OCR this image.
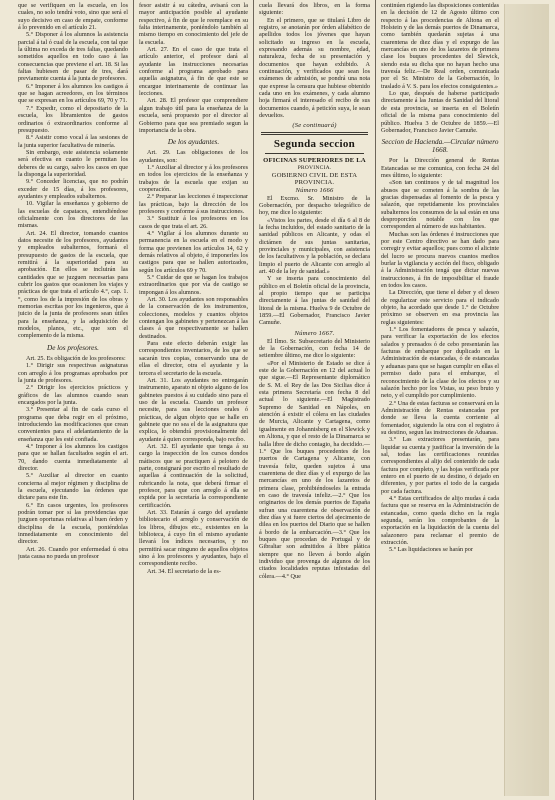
que se verifiquen en la escuela, en los cuales, no solo tendrá voto, sino que será el suyo decisivo en caso de empate, conforme á lo prevenido en el artículo 21.

5.° Disponer á los alumnos la asistencia parcial á tal ó cual de la escuela, con tal que la última no exceda de tres faltas, quedando sometidos aquellos en todo caso á las consecuencias que previene el art. 18. Si las faltas hubiesen de pasar de tres, dará previamente cuenta á la junta de profesores.

6.° Imponer á los alumnos los castigos á que se hagan acreedores, en los términos que se expresan en los artículos 69, 70 y 71.

7.° Expedir, como el depositario de la escuela, los libramientos de gastos ordinarios ó extraordinarios conforme al presupuesto.

8.° Asistir como vocal á las sesiones de la junta superior facultativa de minería.

Sin embargo, este asistencia solamente será efectiva en cuanto le permitan los deberes de su cargo, salvo los casos en que la disponga la superioridad.

9.° Conceder licencias, que no podrán exceder de 15 días, á los profesores, ayudantes y empleados subalternos.

10. Vigilar la enseñanza y gobierno de las escuelas de capataces, entendiéndose oficialmente con los directores de las mismas.

Art. 24. El director, tomando cuantos datos necesite de los profesores, ayudantes y empleados subalternos, formará el presupuesto de gastos de la escuela, que remitirá á la superioridad para su aprobación. En ellos se incluirán las cantidades que se juzguen necesarias para cubrir los gastos que ocasionen los viajes y prácticas de que trata el artículo 4.°, cap. 1.°, como los de la impresión de los obras y memorias escritas por los ingenieros, que á juicio de la junta de profesores sean útiles para la enseñanza, y la adquisición de modelos, planos, etc., que son el complemento de la misma.

De los profesores.

Art. 25. Es obligación de los profesores:

1.° Dirigir sus respectivas asignaturas con arreglo á los programas aprobados por la junta de profesores.

2.° Dirigir los ejercicios prácticos y gráficos de las alumnos cuando sean encargados por la junta.

3.° Presentar al fin de cada curso el programa que deba regir en el próximo, introduciendo las modificaciones que crean convenientes para el adelantamiento de la enseñanza que les esté confiada.

4.° Imponer á los alumnos los castigos para que se hallan facultados según el art. 70, dando cuenta inmediatamente al director.

5.° Auxiliar al director en cuanto concierna al mejor régimen y disciplina de la escuela, ejecutando las órdenes que dictare para este fin.

6.° En casos urgentes, los profesores podrán tomar por sí las providencias que juzguen oportunas relativas al buen órden y disciplina de la escuela, poniéndolas inmediatamente en conocimiento del director.

Art. 26. Cuando por enfermedad ú otra justa causa no pueda un profesor

fesor asistir á su cátedra, avisará con la mayor anticipación posible al ayudante respectivo, á fin de que le reemplace en su falta interinamente, poniéndolo también al mismo tiempo en conocimiento del jefe de la escuela.

Art. 27. En el caso de que trata el artículo anterior, el profesor dará al ayudante las instrucciones necesarias conforme al programa aprobado para aquella asignatura, á fin de que este se encargue interinamente de continuar las lecciones.

Art. 28. El profesor que comprendiere algun trabajo útil para la enseñanza de la escuela, será propuesto por el director al Gobierno para que sea premiado segun la importancia de la obra.

De los ayudantes.

Art. 29. Las obligaciones de los ayudantes, son:

1.° Auxiliar al director y á los profesores en todos los ejercicios de la enseñanza y trabajos de la escuela que exijan su cooperación.

2.° Preparar las lecciones é inspeccionar las prácticas, bajo la dirección de los profesores y conforme á sus instrucciones.

3.° Sustituir á los profesores en los casos de que trata el art. 26.

4.° Vigilar á los alumnos durante su permanencia en la escuela en el modo y forma que previenen los artículos 14, 62 y demás relativos al objeto, é imponerles los castigos para que se hallen autorizados, según los artículos 69 y 70.

5.° Cuidar de que se hagan los trabajos extraordinarios que por vía de castigo se impongan á los alumnos.

Art. 30. Los ayudantes son responsables de la conservación de los instrumentos, colecciones, modelos y cuantos objetos contengan los gabinetes y pertenezcan á las clases á que respectivamente se hallen destinados.

Para este efecto deberán exigir las correspondientes inventarios, de los que se sacarán tres copias, conservando una de ellas el director, otra el ayudante y la tercera el secretario de la escuela.

Art. 31. Los ayudantes no entregarán instrumento, aparato ni objeto alguno de los gabinetes puestos á su cuidado sino para el uso de la escuela. Cuando un profesor necesite, para sus lecciones orales ó prácticas, de algun objeto que se halle en gabinete que no sea el de la asignatura que explica, lo obtendrá provisionalmente del ayudante á quien corresponda, bajo recibo.

Art. 32. El ayudante que tenga á su cargo la inspección de los cursos dondos mátiscos que se practiquen á pelotero de parte, consignará por escrito el resultado de aquellas á continuación de la solicitud, rubricando la nota, que deberá firmar el profesor, para que con arreglo á ella se expida por la secretaría la correspondiente certificación.

Art. 33. Estarán á cargo del ayudante bibliotecario el arreglo y conservación de los libros, dibujos etc., existentes en la biblioteca, á cuyo fin el mismo ayudante llevará los índices necesarios, y no permitirá sacar ninguno de aquellos objetos sino á los profesores y ayudantes, bajo el correspondiente recibo.

Art. 34. El secretario de la es-

cuela llevará dos libros, en la forma siguiente:

En el primero, que se titulará Libro de registro, se anotarán por órden alfabético de apellidos todos los jóvenes que hayan solicitado su ingreso en la escuela, expresando además su nombre, edad, naturaleza, fecha de su presentación y documentos que hayan exhibido. A continuación, y verificados que sean los exámenes de admisión, se pondrá una nota que exprese la censura que hubiese obtenido cada uno en los exámenes, y cada alumno hoja firmará el interesado el recibo de sus documentos cuando, á petición suya, le sean devueltos.

(Se continuará)
Segunda seccion
OFICINAS SUPERIORES DE LA
PROVINCIA.
GOBIERNO CIVIL DE ESTA PROVINCIA.
Número 1666

El Excmo. Sr. Ministro de la Gobernación, por despacho telegráfico de hoy, me dice lo siguiente:

«Vistos los partes, desde el día 6 al 8 de la fecha incluidos, del estado sanitario de la sanidad públicos en Alicante, y odas el dictámen de sus juntas sanitarias, provinciales y municipales, con asistencia de los facultativos y la población, se declara limpio el puerto de Alicante con arreglo al art. 40 de la ley de sanidad.»

Y se inserta para conocimiento del público en el Boletín oficial de la provincia, al propio tiempo que se participa directamente á las juntas de sanidad del litoral de la misma. Huelva 9 de Octubre de 1859.—El Gobernador, Francisco Javier Camuñe.

Número 1667.

El Ilmo. Sr. Subsecretario del Ministerio de la Gobernación, con fecha 14 de setiembre último, me dice lo siguiente:

«Por el Ministerio de Estado se dice á este de la Gobernación en 12 del actual lo que sigue.—El Representante diplomático de S. M. el Rey de las Dos Sicilias dice á esta primera Secretaría con fecha 8 del actual lo siguiente.—El Magistrado Supremo de Sanidad en Nápoles, en atención á existir el cólera en las ciudades de Murcia, Alicante y Cartagena, como igualmente en Johannisberg en el Slewick y en Altona, y que el resto de la Dinamarca se halla libre de dicho contagio, ha decidido.—1.° Que los buques procedentes de los puertos de Cartagena y Alicante, con travesía feliz, queden sujetos á una cuarentena de diez días y el expurgo de las mercancías en uno de los lazaretos de primera clase, prohibiéndoseles la entrada en caso de travesía infeliz.—2.° Que los originarios de los demás puertos de España sufran una cuarentena de observación de diez días y si fuere ciertos del ajecimento de dilea en los puertos del Diario que se hallen á bordo de la embarcación.—3.° Que los buques que procedan de Portugal y de Gibraltar son admitidos á libre plática siempre que no lleven á bordo algún individuo que provenga de algunos de los citados localidades reputas infestadas del cólera.—4.° Que

continúen rigiendo las disposiciones contenidas en la decisión de 12 de Agosto último con respecto á las procedencias de Altona en el Holstein y de las demás puertos de Dinamarca, como también quedarán sujetas á una cuarentena de diez días y el expurgo de las mercancías en uno de los lazaretos de primera clase los buques procedentes del Slewick, siendo esta su dicha que no hayan hecho una travesía feliz.—De Real orden, comunicada por el Sr. Ministro de la Gobernación, lo traslado á V. S. para los efectos consiguientes.»

Lo que, después de haberse participado directamente á las Juntas de Sanidad del litoral de esta provincia, se inserta en el Boletín oficial de la misma para conocimiento del público. Huelva 3 de Octubre de 1859.—El Gobernador, Francisco Javier Camuñe.

Seccion de Hacienda.—Circular número 1668.

Por la Dirección general de Rentas Estancadas se me comunica, con fecha 24 del mes último, lo siguiente:

«Son tan continuos y de tal magnitud los abusos que se cometen á la sombra de las gracias dispensadas al fomento de la pesca y salazón, que repetidamente los provinciales subalternos los consumos de la sal están en una desproporción notable con los que corresponden al número de sus habitantes.

Muchas son las órdenes é instrucciones que por este Centro directivo se han dado para corregir y evitar aquellos; pues como el alicinte del lucro se procura nuevos cuantos medios burlar la vigilancia y acción del fisco, obligado á la Administración tengá que dictar nuevas instrucciones, á fin de imposibilitar el fraude en todos los casos.

La Dirección, que tiene el deber y el deseo de regularizar este servicio para el indicado objeto, ha acordado que desde 1.° de Octubre próximo se observen en esa provincia las reglas siguientes:

1.° Los fomentadores de pesca y salazón, para verificar la exportación de los efectos salados y prensados ó de cebo presentarán las facturas de embarque por duplicado en la Administración de estancadas, ó de estancadas y aduanas para que se hagan cumplir en ellas el permiso dado para el embarque, el reconocimiento de la clase de los efectos y su salazón hecho por los Vistas, su peso bruto y neto, y el cumplido por cumplimiento.

2.° Una de estas facturas se conservará en la Administración de Rentas estancadas por donde se lleva la cuenta corriente al fomentador, siguiendo la otra con el registro á su destino, segun las instrucciones de Aduanas.

3.° Las extractores presentarán, para liquidar su cuenta y justificar la inversión de la sal, todas las certificaciones reunidas correspondientes al alijo del contenido de cada factura por completo, y las hojas verificada por entero en el puerto de su destino, ó dejado en diferentes, y por partes el todo de la cargada por cada factura.

4.° Estas certificados de alijo mudas á cada factura que se reserva en la Administración de estancadas, como queda dicho en la regla segunda, serán los comprobantes de la exportación en la liquidación de la cuenta del salazonero para reclamar el premio de extracción.

5.° Las liquidaciones se harán por
